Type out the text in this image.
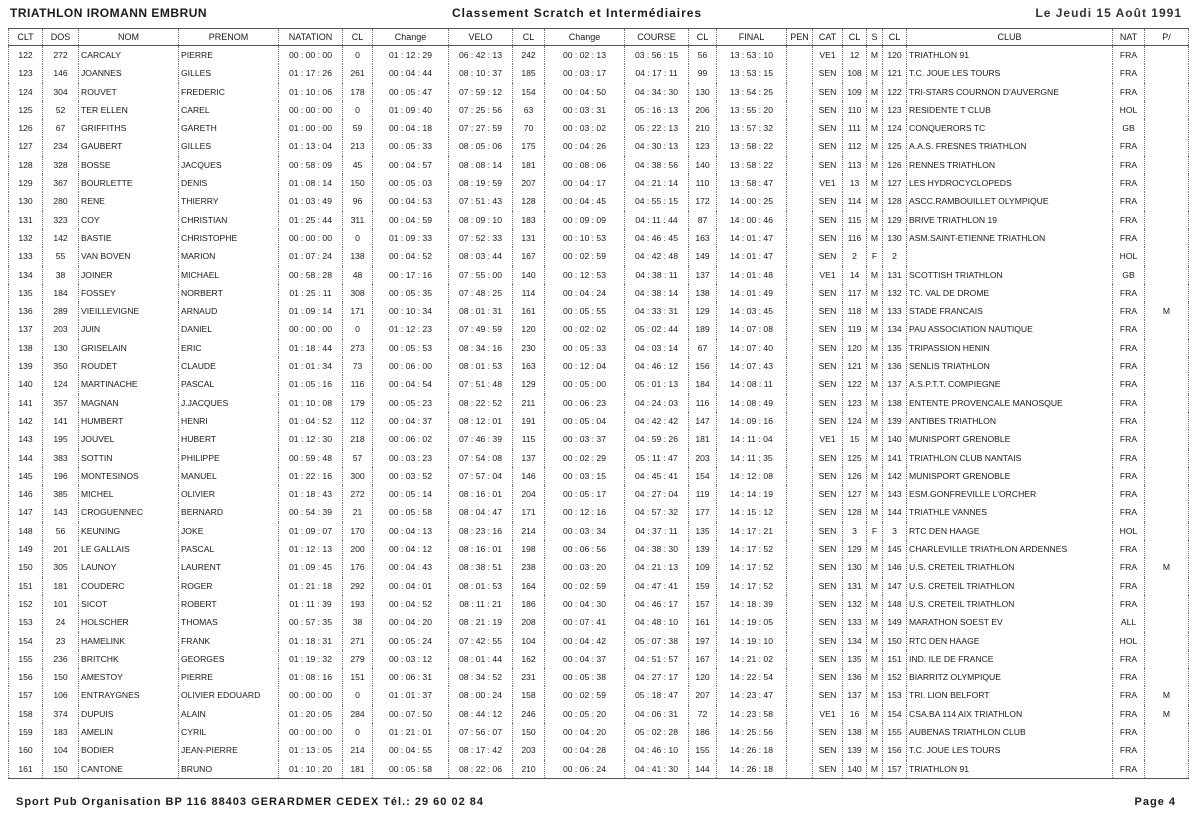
TRIATHLON IROMANN EMBRUN	Classement Scratch et Intermédiaires	Le Jeudi 15 Août 1991
CLT	DOS	NOM	PRENOM	NATATION	CL	Change	VELO	CL	Change	COURSE	CL	FINAL	PEN	CAT	CL	S	CL	CLUB	NAT	P/
122	272	CARCALY	PIERRE	00 : 00 : 00	0	01 : 12 : 29	06 : 42 : 13	242	00 : 02 : 13	03 : 56 : 15	56	13 : 53 : 10		VE1	12	M	120	TRIATHLON 91	FRA	
123	146	JOANNES	GILLES	01 : 17 : 26	261	00 : 04 : 44	08 : 10 : 37	185	00 : 03 : 17	04 : 17 : 11	99	13 : 53 : 15		SEN	108	M	121	T.C. JOUE LES TOURS	FRA	
124	304	ROUVET	FREDERIC	01 : 10 : 06	178	00 : 05 : 47	07 : 59 : 12	154	00 : 04 : 50	04 : 34 : 30	130	13 : 54 : 25		SEN	109	M	122	TRI-STARS COURNON D'AUVERGNE	FRA	
125	52	TER ELLEN	CAREL	00 : 00 : 00	0	01 : 09 : 40	07 : 25 : 56	63	00 : 03 : 31	05 : 16 : 13	206	13 : 55 : 20		SEN	110	M	123	RESIDENTE T CLUB	HOL	
126	67	GRIFFITHS	GARETH	01 : 00 : 00	59	00 : 04 : 18	07 : 27 : 59	70	00 : 03 : 02	05 : 22 : 13	210	13 : 57 : 32		SEN	111	M	124	CONQUERORS TC	GB	
127	234	GAUBERT	GILLES	01 : 13 : 04	213	00 : 05 : 33	08 : 05 : 06	175	00 : 04 : 26	04 : 30 : 13	123	13 : 58 : 22		SEN	112	M	125	A.A.S. FRESNES TRIATHLON	FRA	
128	328	BOSSE	JACQUES	00 : 58 : 09	45	00 : 04 : 57	08 : 08 : 14	181	00 : 08 : 06	04 : 38 : 56	140	13 : 58 : 22		SEN	113	M	126	RENNES TRIATHLON	FRA	
129	367	BOURLETTE	DENIS	01 : 08 : 14	150	00 : 05 : 03	08 : 19 : 59	207	00 : 04 : 17	04 : 21 : 14	110	13 : 58 : 47		VE1	13	M	127	LES HYDROCYCLOPEDS	FRA	
130	280	RENE	THIERRY	01 : 03 : 49	96	00 : 04 : 53	07 : 51 : 43	128	00 : 04 : 45	04 : 55 : 15	172	14 : 00 : 25		SEN	114	M	128	ASCC.RAMBOUILLET OLYMPIQUE	FRA	
131	323	COY	CHRISTIAN	01 : 25 : 44	311	00 : 04 : 59	08 : 09 : 10	183	00 : 09 : 09	04 : 11 : 44	87	14 : 00 : 46		SEN	115	M	129	BRIVE TRIATHLON 19	FRA	
132	142	BASTIE	CHRISTOPHE	00 : 00 : 00	0	01 : 09 : 33	07 : 52 : 33	131	00 : 10 : 53	04 : 46 : 45	163	14 : 01 : 47		SEN	116	M	130	ASM.SAINT-ETIENNE TRIATHLON	FRA	
133	55	VAN BOVEN	MARION	01 : 07 : 24	138	00 : 04 : 52	08 : 03 : 44	167	00 : 02 : 59	04 : 42 : 48	149	14 : 01 : 47		SEN	2	F	2		HOL	
134	38	JOINER	MICHAEL	00 : 58 : 28	48	00 : 17 : 16	07 : 55 : 00	140	00 : 12 : 53	04 : 38 : 11	137	14 : 01 : 48		VE1	14	M	131	SCOTTISH TRIATHLON	GB	
135	184	FOSSEY	NORBERT	01 : 25 : 11	308	00 : 05 : 35	07 : 48 : 25	114	00 : 04 : 24	04 : 38 : 14	138	14 : 01 : 49		SEN	117	M	132	TC. VAL DE DROME	FRA	
136	289	VIEILLEVIGNE	ARNAUD	01 : 09 : 14	171	00 : 10 : 34	08 : 01 : 31	161	00 : 05 : 55	04 : 33 : 31	129	14 : 03 : 45		SEN	118	M	133	STADE FRANCAIS	FRA	M
137	203	JUIN	DANIEL	00 : 00 : 00	0	01 : 12 : 23	07 : 49 : 59	120	00 : 02 : 02	05 : 02 : 44	189	14 : 07 : 08		SEN	119	M	134	PAU ASSOCIATION NAUTIQUE	FRA	
138	130	GRISELAIN	ERIC	01 : 18 : 44	273	00 : 05 : 53	08 : 34 : 16	230	00 : 05 : 33	04 : 03 : 14	67	14 : 07 : 40		SEN	120	M	135	TRIPASSION HENIN	FRA	
139	350	ROUDET	CLAUDE	01 : 01 : 34	73	00 : 06 : 00	08 : 01 : 53	163	00 : 12 : 04	04 : 46 : 12	156	14 : 07 : 43		SEN	121	M	136	SENLIS TRIATHLON	FRA	
140	124	MARTINACHE	PASCAL	01 : 05 : 16	116	00 : 04 : 54	07 : 51 : 48	129	00 : 05 : 00	05 : 01 : 13	184	14 : 08 : 11		SEN	122	M	137	A.S.P.T.T. COMPIEGNE	FRA	
141	357	MAGNAN	J.JACQUES	01 : 10 : 08	179	00 : 05 : 23	08 : 22 : 52	211	00 : 06 : 23	04 : 24 : 03	116	14 : 08 : 49		SEN	123	M	138	ENTENTE PROVENCALE MANOSQUE	FRA	
142	141	HUMBERT	HENRI	01 : 04 : 52	112	00 : 04 : 37	08 : 12 : 01	191	00 : 05 : 04	04 : 42 : 42	147	14 : 09 : 16		SEN	124	M	139	ANTIBES TRIATHLON	FRA	
143	195	JOUVEL	HUBERT	01 : 12 : 30	218	00 : 06 : 02	07 : 46 : 39	115	00 : 03 : 37	04 : 59 : 26	181	14 : 11 : 04		VE1	15	M	140	MUNISPORT GRENOBLE	FRA	
144	383	SOTTIN	PHILIPPE	00 : 59 : 48	57	00 : 03 : 23	07 : 54 : 08	137	00 : 02 : 29	05 : 11 : 47	203	14 : 11 : 35		SEN	125	M	141	TRIATHLON CLUB NANTAIS	FRA	
145	196	MONTESINOS	MANUEL	01 : 22 : 16	300	00 : 03 : 52	07 : 57 : 04	146	00 : 03 : 15	04 : 45 : 41	154	14 : 12 : 08		SEN	126	M	142	MUNISPORT GRENOBLE	FRA	
146	385	MICHEL	OLIVIER	01 : 18 : 43	272	00 : 05 : 14	08 : 16 : 01	204	00 : 05 : 17	04 : 27 : 04	119	14 : 14 : 19		SEN	127	M	143	ESM.GONFREVILLE L'ORCHER	FRA	
147	143	CROGUENNEC	BERNARD	00 : 54 : 39	21	00 : 05 : 58	08 : 04 : 47	171	00 : 12 : 16	04 : 57 : 32	177	14 : 15 : 12		SEN	128	M	144	TRIATHLE VANNES	FRA	
148	56	KEUNING	JOKE	01 : 09 : 07	170	00 : 04 : 13	08 : 23 : 16	214	00 : 03 : 34	04 : 37 : 11	135	14 : 17 : 21		SEN	3	F	3	RTC DEN HAAGE	HOL	
149	201	LE GALLAIS	PASCAL	01 : 12 : 13	200	00 : 04 : 12	08 : 16 : 01	198	00 : 06 : 56	04 : 38 : 30	139	14 : 17 : 52		SEN	129	M	145	CHARLEVILLE TRIATHLON ARDENNES	FRA	
150	305	LAUNOY	LAURENT	01 : 09 : 45	176	00 : 04 : 43	08 : 38 : 51	238	00 : 03 : 20	04 : 21 : 13	109	14 : 17 : 52		SEN	130	M	146	U.S. CRETEIL TRIATHLON	FRA	M
151	181	COUDERC	ROGER	01 : 21 : 18	292	00 : 04 : 01	08 : 01 : 53	164	00 : 02 : 59	04 : 47 : 41	159	14 : 17 : 52		SEN	131	M	147	U.S. CRETEIL TRIATHLON	FRA	
152	101	SICOT	ROBERT	01 : 11 : 39	193	00 : 04 : 52	08 : 11 : 21	186	00 : 04 : 30	04 : 46 : 17	157	14 : 18 : 39		SEN	132	M	148	U.S. CRETEIL TRIATHLON	FRA	
153	24	HOLSCHER	THOMAS	00 : 57 : 35	38	00 : 04 : 20	08 : 21 : 19	208	00 : 07 : 41	04 : 48 : 10	161	14 : 19 : 05		SEN	133	M	149	MARATHON SOEST EV	ALL	
154	23	HAMELINK	FRANK	01 : 18 : 31	271	00 : 05 : 24	07 : 42 : 55	104	00 : 04 : 42	05 : 07 : 38	197	14 : 19 : 10		SEN	134	M	150	RTC DEN HAAGE	HOL	
155	236	BRITCHK	GEORGES	01 : 19 : 32	279	00 : 03 : 12	08 : 01 : 44	162	00 : 04 : 37	04 : 51 : 57	167	14 : 21 : 02		SEN	135	M	151	IND. ILE DE FRANCE	FRA	
156	150	AMESTOY	PIERRE	01 : 08 : 16	151	00 : 06 : 31	08 : 34 : 52	231	00 : 05 : 38	04 : 27 : 17	120	14 : 22 : 54		SEN	136	M	152	BIARRITZ OLYMPIQUE	FRA	
157	106	ENTRAYGNES	OLIVIER EDOUARD	00 : 00 : 00	0	01 : 01 : 37	08 : 00 : 24	158	00 : 02 : 59	05 : 18 : 47	207	14 : 23 : 47		SEN	137	M	153	TRI. LION BELFORT	FRA	M
158	374	DUPUIS	ALAIN	01 : 20 : 05	284	00 : 07 : 50	08 : 44 : 12	246	00 : 05 : 20	04 : 06 : 31	72	14 : 23 : 58		VE1	16	M	154	CSA.BA 114 AIX TRIATHLON	FRA	M
159	183	AMELIN	CYRIL	00 : 00 : 00	0	01 : 21 : 01	07 : 56 : 07	150	00 : 04 : 20	05 : 02 : 28	186	14 : 25 : 56		SEN	138	M	155	AUBENAS TRIATHLON CLUB	FRA	
160	104	BODIER	JEAN-PIERRE	01 : 13 : 05	214	00 : 04 : 55	08 : 17 : 42	203	00 : 04 : 28	04 : 46 : 10	155	14 : 26 : 18		SEN	139	M	156	T.C. JOUE LES TOURS	FRA	
161	150	CANTONE	BRUNO	01 : 10 : 20	181	00 : 05 : 58	08 : 22 : 06	210	00 : 06 : 24	04 : 41 : 30	144	14 : 26 : 18		SEN	140	M	157	TRIATHLON 91	FRA	
Sport Pub Organisation BP 116 88403 GERARDMER CEDEX Tél.: 29 60 02 84	Page 4
